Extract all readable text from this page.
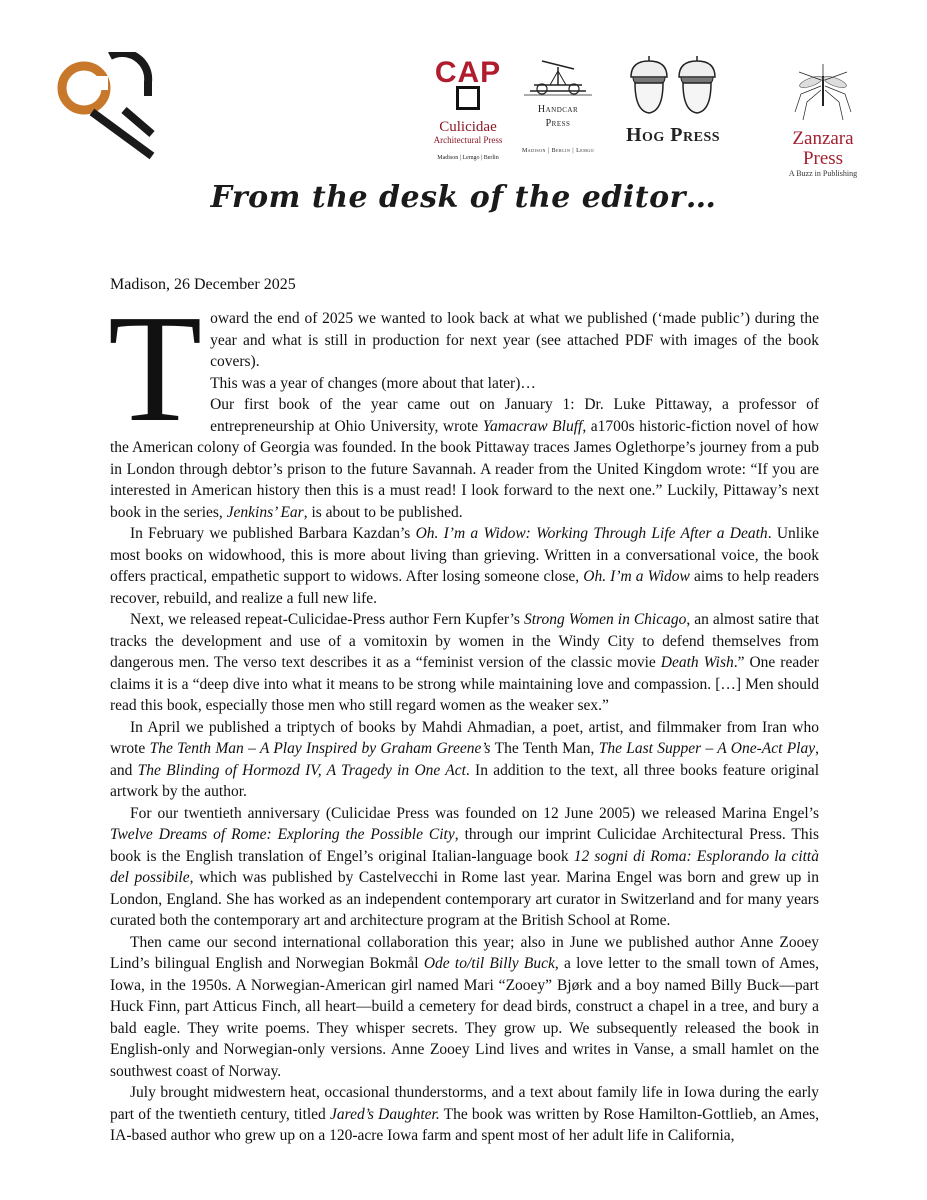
CAP
Culicidae
Architectural Press
Madison | Lemgo | Berlin
Handcar
Press
Madison | Berlin | Lemgo
Hog Press	Zanzara Press
A Buzz in Publishing
From the desk of the editor…
Madison, 26 December 2025

Toward the end of 2025 we wanted to look back at what we published (‘made public’) during the year and what is still in production for next year (see attached PDF with images of the book covers).

This was a year of changes (more about that later)…

Our first book of the year came out on January 1: Dr. Luke Pittaway, a professor of entrepreneurship at Ohio University, wrote Yamacraw Bluff, a1700s historic-fiction novel of how the American colony of Georgia was founded. In the book Pittaway traces James Oglethorpe’s journey from a pub in London through debtor’s prison to the future Savannah. A reader from the United Kingdom wrote: “If you are interested in American history then this is a must read! I look forward to the next one.” Luckily, Pittaway’s next book in the series, Jenkins’ Ear, is about to be published.

In February we published Barbara Kazdan’s Oh. I’m a Widow: Working Through Life After a Death. Unlike most books on widowhood, this is more about living than grieving. Written in a conversational voice, the book offers practical, empathetic support to widows. After losing someone close, Oh. I’m a Widow aims to help readers recover, rebuild, and realize a full new life.

Next, we released repeat-Culicidae-Press author Fern Kupfer’s Strong Women in Chicago, an almost satire that tracks the development and use of a vomitoxin by women in the Windy City to defend themselves from dangerous men. The verso text describes it as a “feminist version of the classic movie Death Wish.” One reader claims it is a “deep dive into what it means to be strong while maintaining love and compassion. […] Men should read this book, especially those men who still regard women as the weaker sex.”

In April we published a triptych of books by Mahdi Ahmadian, a poet, artist, and filmmaker from Iran who wrote The Tenth Man – A Play Inspired by Graham Greene’s The Tenth Man, The Last Supper – A One-Act Play, and The Blinding of Hormozd IV, A Tragedy in One Act. In addition to the text, all three books feature original artwork by the author.

For our twentieth anniversary (Culicidae Press was founded on 12 June 2005) we released Marina Engel’s Twelve Dreams of Rome: Exploring the Possible City, through our imprint Culicidae Architectural Press. This book is the English translation of Engel’s original Italian-language book 12 sogni di Roma: Esplorando la città del possibile, which was published by Castelvecchi in Rome last year. Marina Engel was born and grew up in London, England. She has worked as an independent contemporary art curator in Switzerland and for many years curated both the contemporary art and architecture program at the British School at Rome.

Then came our second international collaboration this year; also in June we published author Anne Zooey Lind’s bilingual English and Norwegian Bokmål Ode to/til Billy Buck, a love letter to the small town of Ames, Iowa, in the 1950s. A Norwegian-American girl named Mari “Zooey” Bjørk and a boy named Billy Buck—part Huck Finn, part Atticus Finch, all heart—build a cemetery for dead birds, construct a chapel in a tree, and bury a bald eagle. They write poems. They whisper secrets. They grow up. We subsequently released the book in English-only and Norwegian-only versions. Anne Zooey Lind lives and writes in Vanse, a small hamlet on the southwest coast of Norway.

July brought midwestern heat, occasional thunderstorms, and a text about family life in Iowa during the early part of the twentieth century, titled Jared’s Daughter. The book was written by Rose Hamilton-Gottlieb, an Ames, IA-based author who grew up on a 120-acre Iowa farm and spent most of her adult life in California,
